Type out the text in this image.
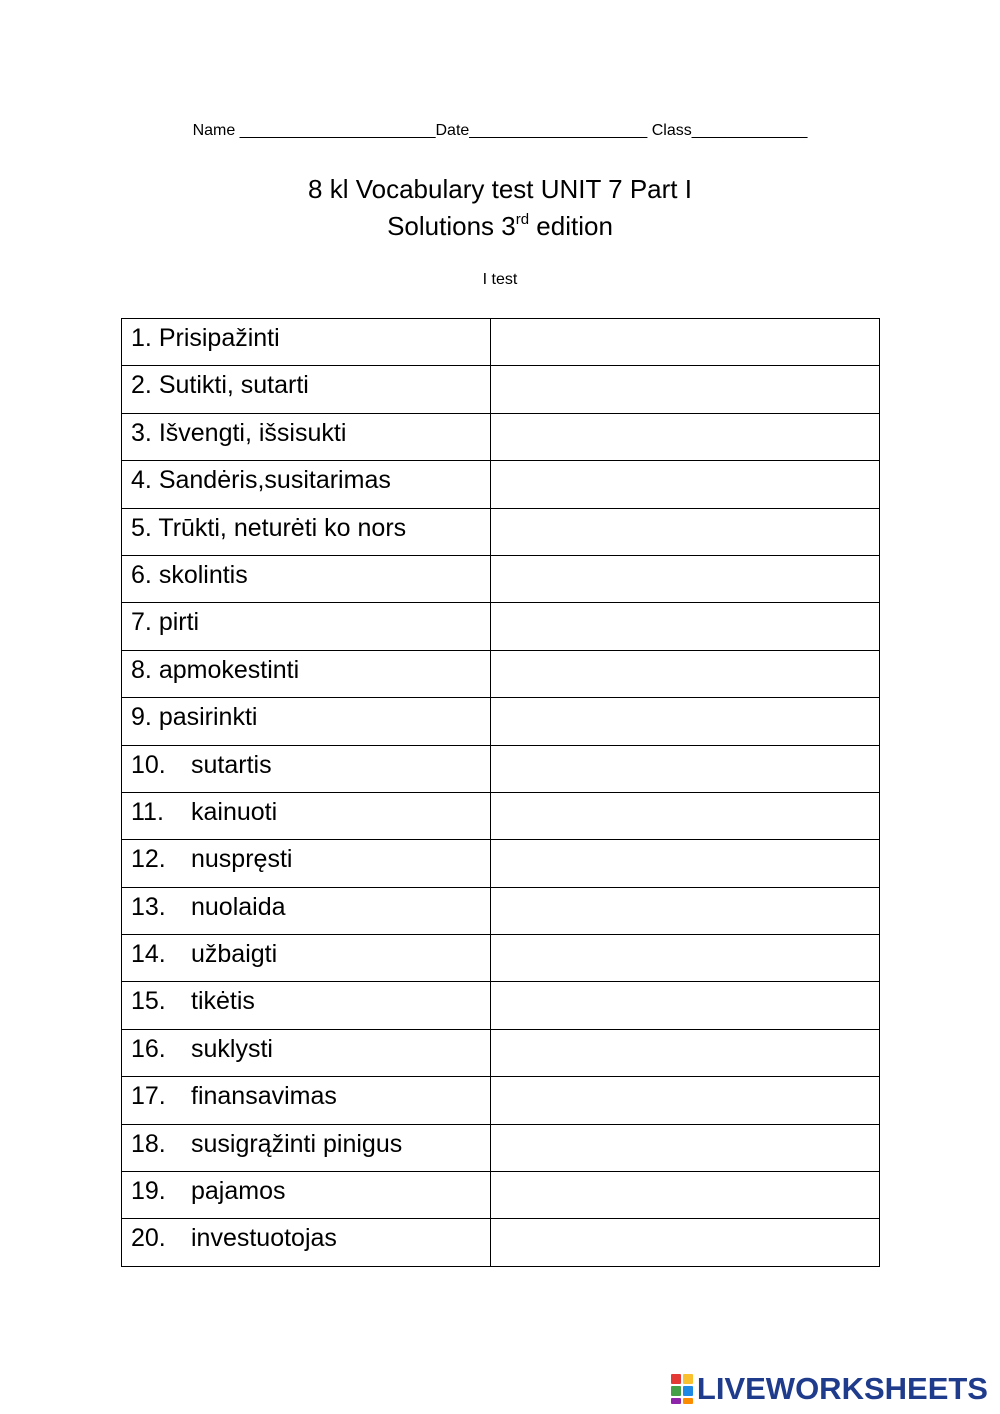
Name ______________________Date____________________ Class_____________
8 kl Vocabulary test UNIT 7 Part I
Solutions 3rd edition
I test
1. Prisipažinti	
2. Sutikti, sutarti	
3. Išvengti, išsisukti	
4. Sandėris,susitarimas	
5. Trūkti, neturėti ko nors	
6. skolintis	
7. pirti	
8. apmokestinti	
9. pasirinkti	
10. sutartis	
11. kainuoti	
12. nuspręsti	
13. nuolaida	
14. užbaigti	
15. tikėtis	
16. suklysti	
17. finansavimas	
18. susigrąžinti pinigus	
19. pajamos	
20. investuotojas	
LIVEWORKSHEETS
